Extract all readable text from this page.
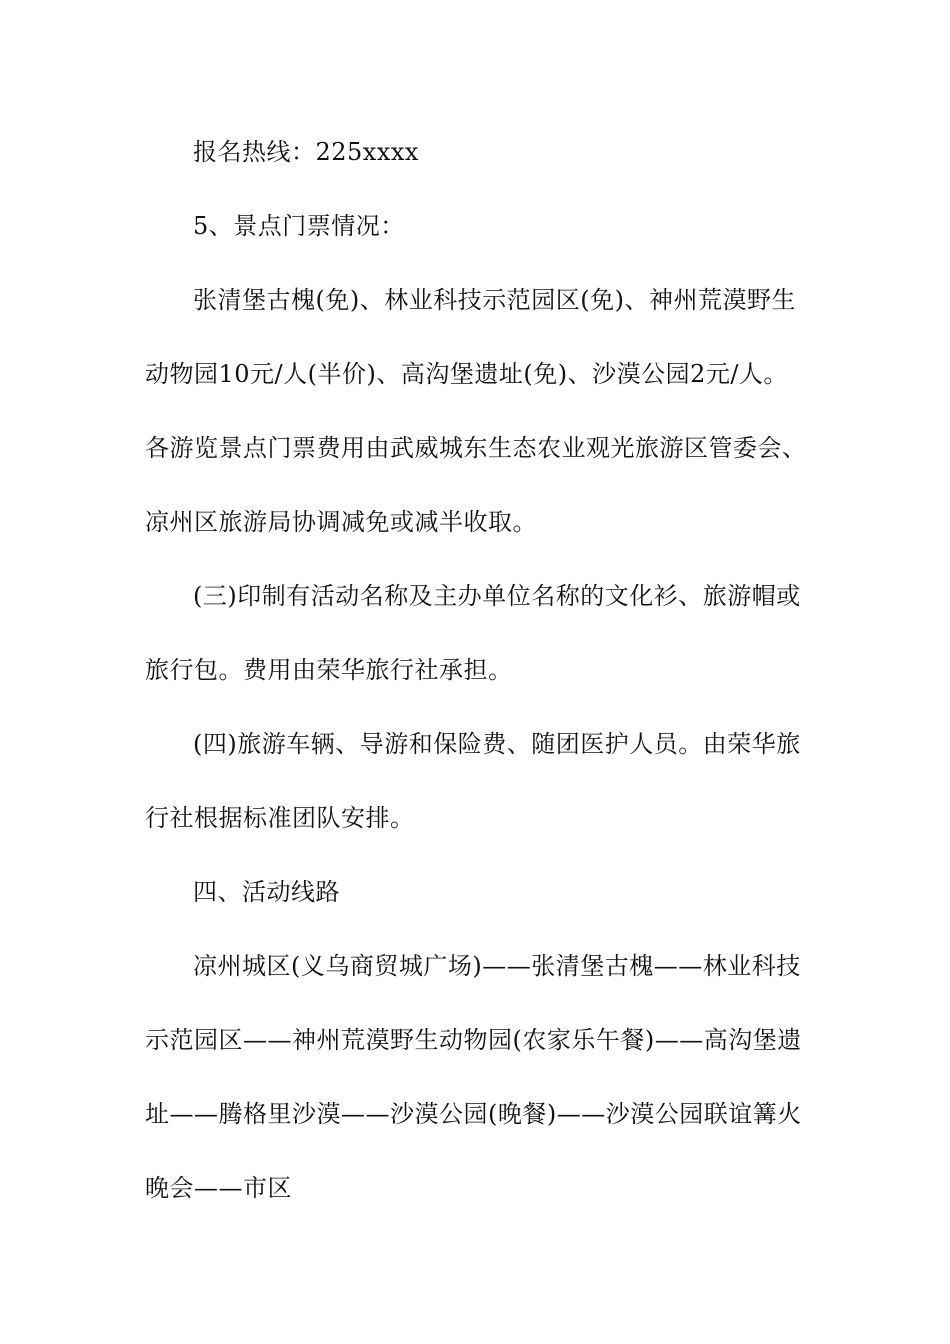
报名热线：225xxxx

5、景点门票情况：

张清堡古槐(免)、林业科技示范园区(免)、神州荒漠野生

动物园10元/人(半价)、高沟堡遗址(免)、沙漠公园2元/人。

各游览景点门票费用由武威城东生态农业观光旅游区管委会、

凉州区旅游局协调减免或减半收取。

(三)印制有活动名称及主办单位名称的文化衫、旅游帽或

旅行包。费用由荣华旅行社承担。

(四)旅游车辆、导游和保险费、随团医护人员。由荣华旅

行社根据标准团队安排。

四、活动线路

凉州城区(义乌商贸城广场)——张清堡古槐——林业科技

示范园区——神州荒漠野生动物园(农家乐午餐)——高沟堡遗

址——腾格里沙漠——沙漠公园(晚餐)——沙漠公园联谊篝火

晚会——市区
